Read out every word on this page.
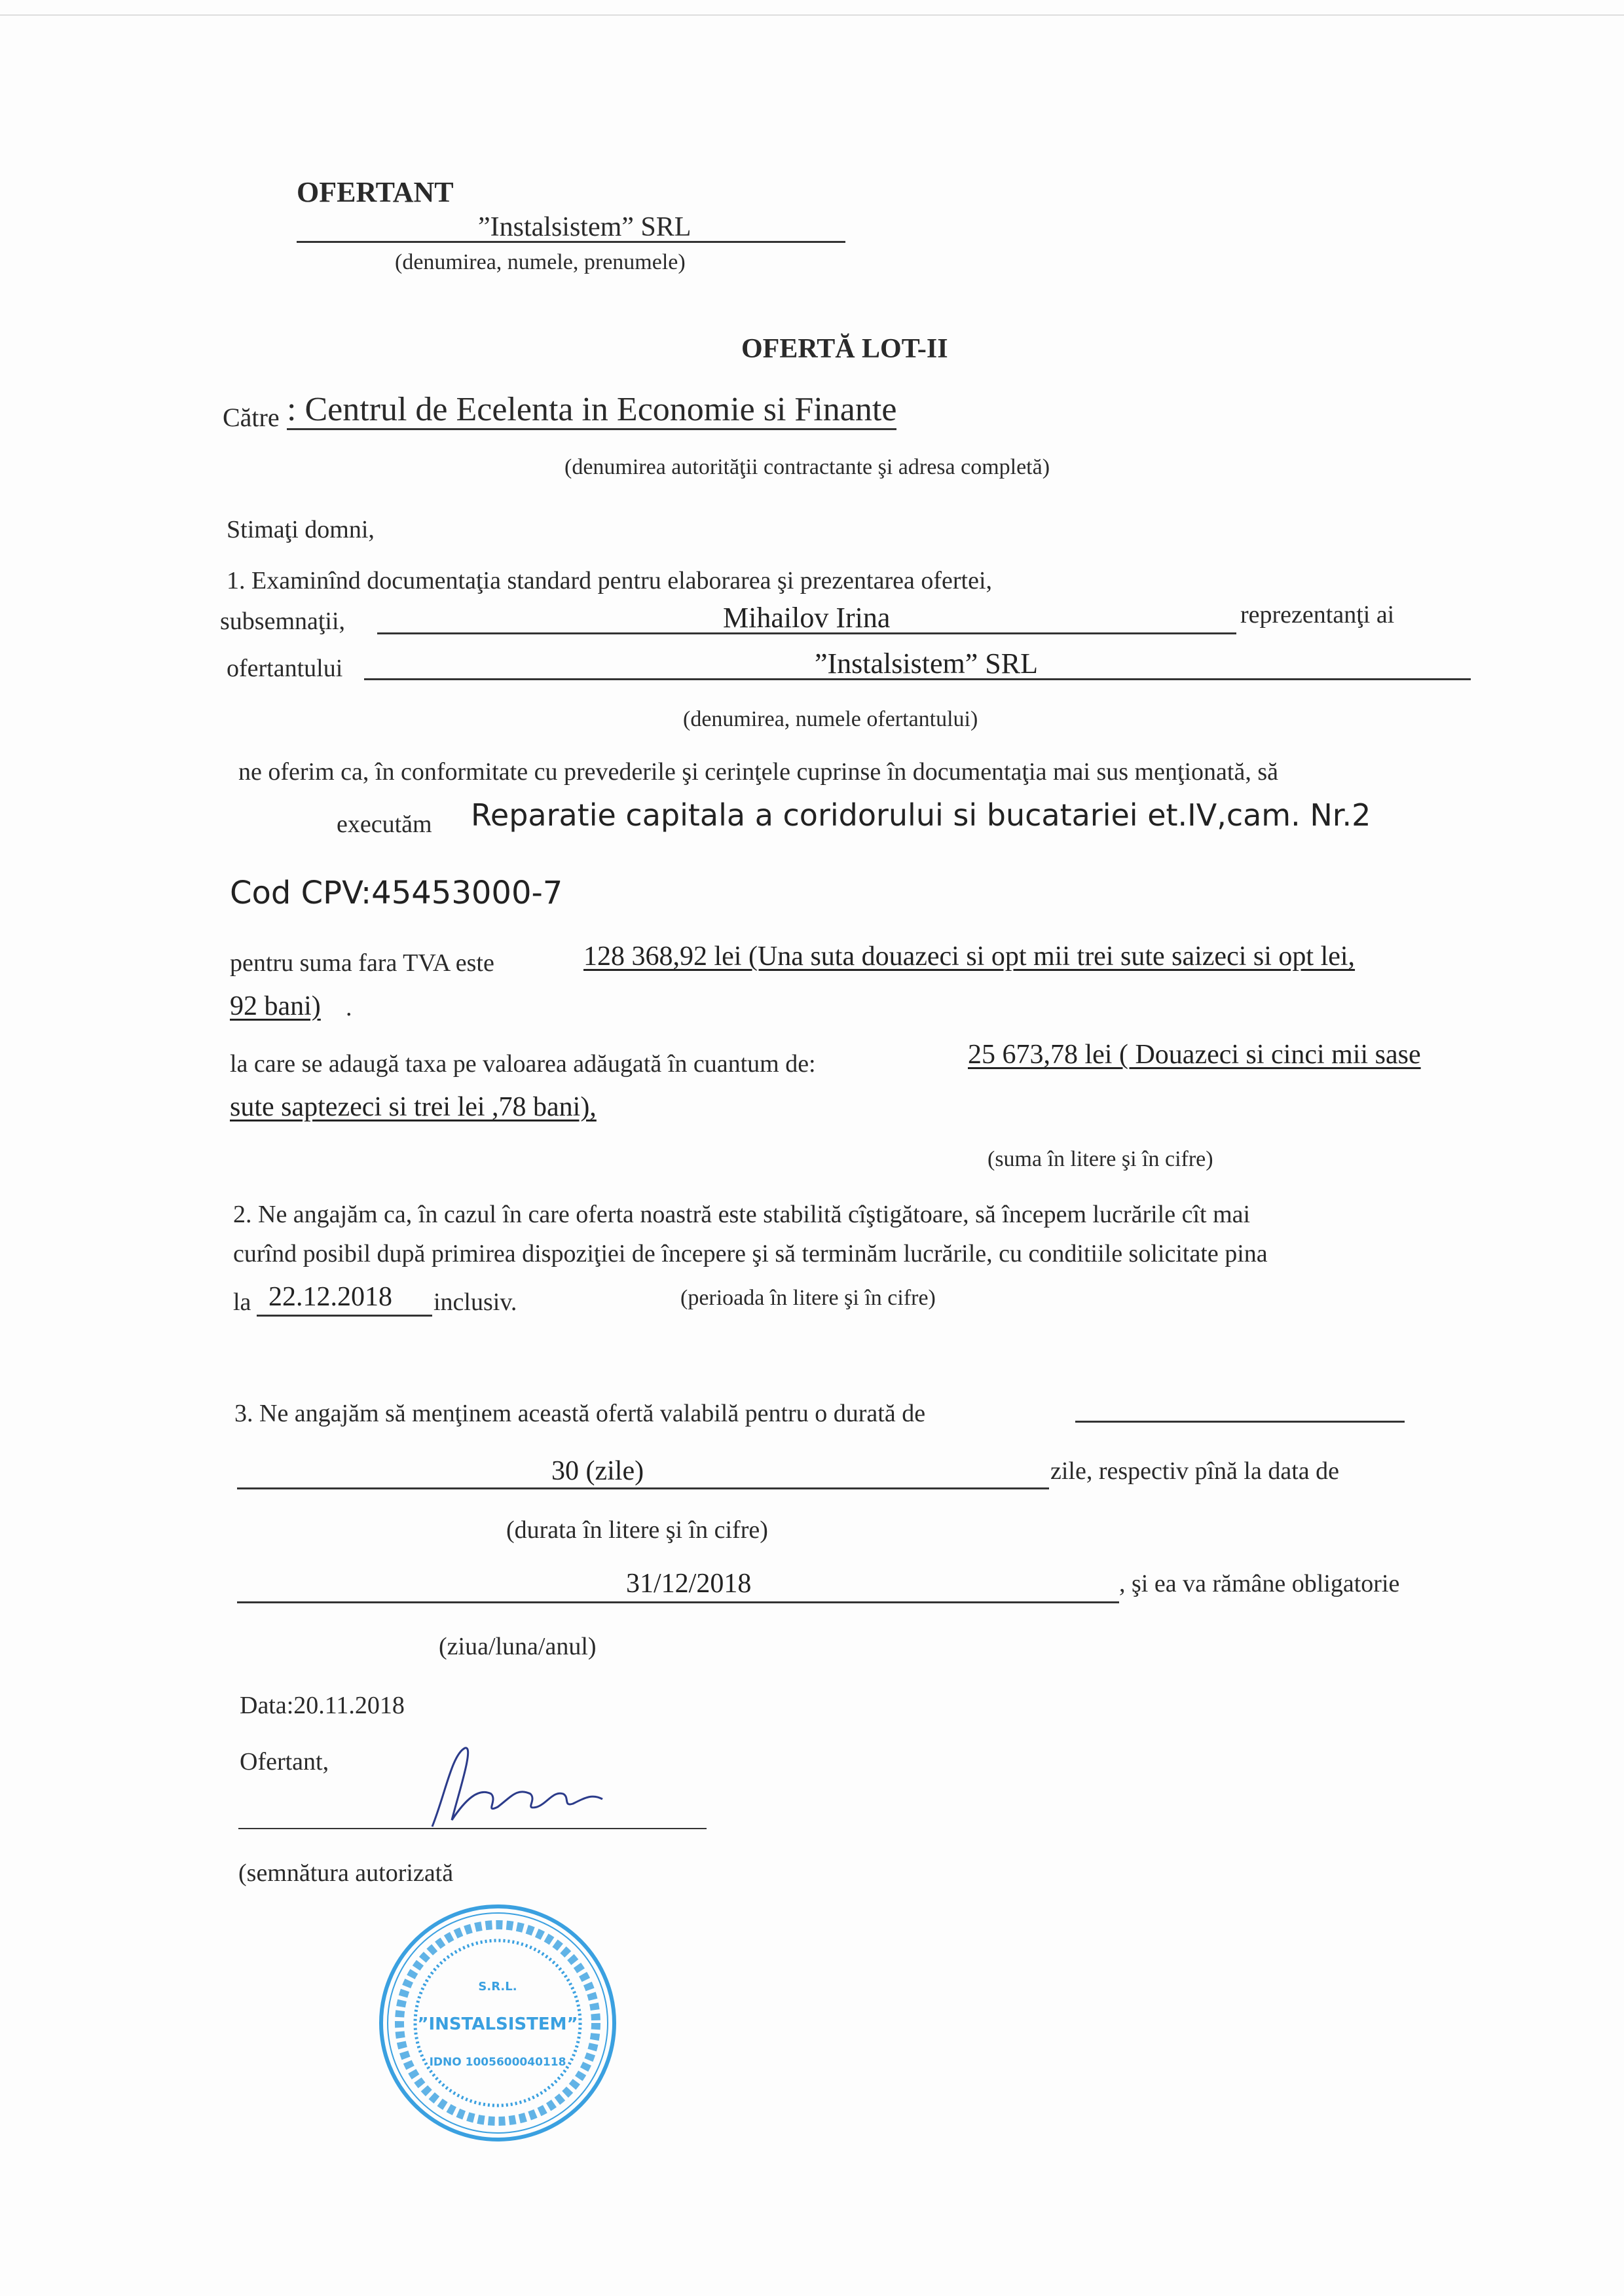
OFERTANT
”Instalsistem” SRL
(denumirea, numele, prenumele)
OFERTĂ LOT-II
Către : Centrul de Ecelenta in Economie si Finante
(denumirea autorităţii contractante şi adresa completă)
Stimaţi domni,
1. Examinînd documentaţia standard pentru elaborarea şi prezentarea ofertei,
subsemnaţii,	Mihailov Irina	reprezentanţi ai
ofertantului	”Instalsistem” SRL
(denumirea, numele ofertantului)
ne oferim ca, în conformitate cu prevederile şi cerinţele cuprinse în documentaţia mai sus menţionată, să
executăm Reparatie capitala a coridorului si bucatariei et.IV,cam. Nr.2
Cod CPV:45453000-7
pentru suma fara TVA este	128 368,92 lei (Una suta douazeci si opt mii trei sute saizeci si opt lei,
92 bani) .
la care se adaugă taxa pe valoarea adăugată în cuantum de:	25 673,78 lei ( Douazeci si cinci mii sase
sute saptezeci si trei lei ,78 bani),
(suma în litere şi în cifre)
2. Ne angajăm ca, în cazul în care oferta noastră este stabilită cîştigătoare, să începem lucrările cît mai
curînd posibil după primirea dispoziţiei de începere şi să terminăm lucrările, cu conditiile solicitate pina
la 22.12.2018 inclusiv.	(perioada în litere şi în cifre)
3. Ne angajăm să menţinem această ofertă valabilă pentru o durată de
30 (zile)	zile, respectiv pînă la data de
(durata în litere şi în cifre)
31/12/2018	, şi ea va rămâne obligatorie
(ziua/luna/anul)
Data:20.11.2018
Ofertant,
(semnătura autorizată
S.R.L.
”INSTALSISTEM”
IDNO 1005600040118
